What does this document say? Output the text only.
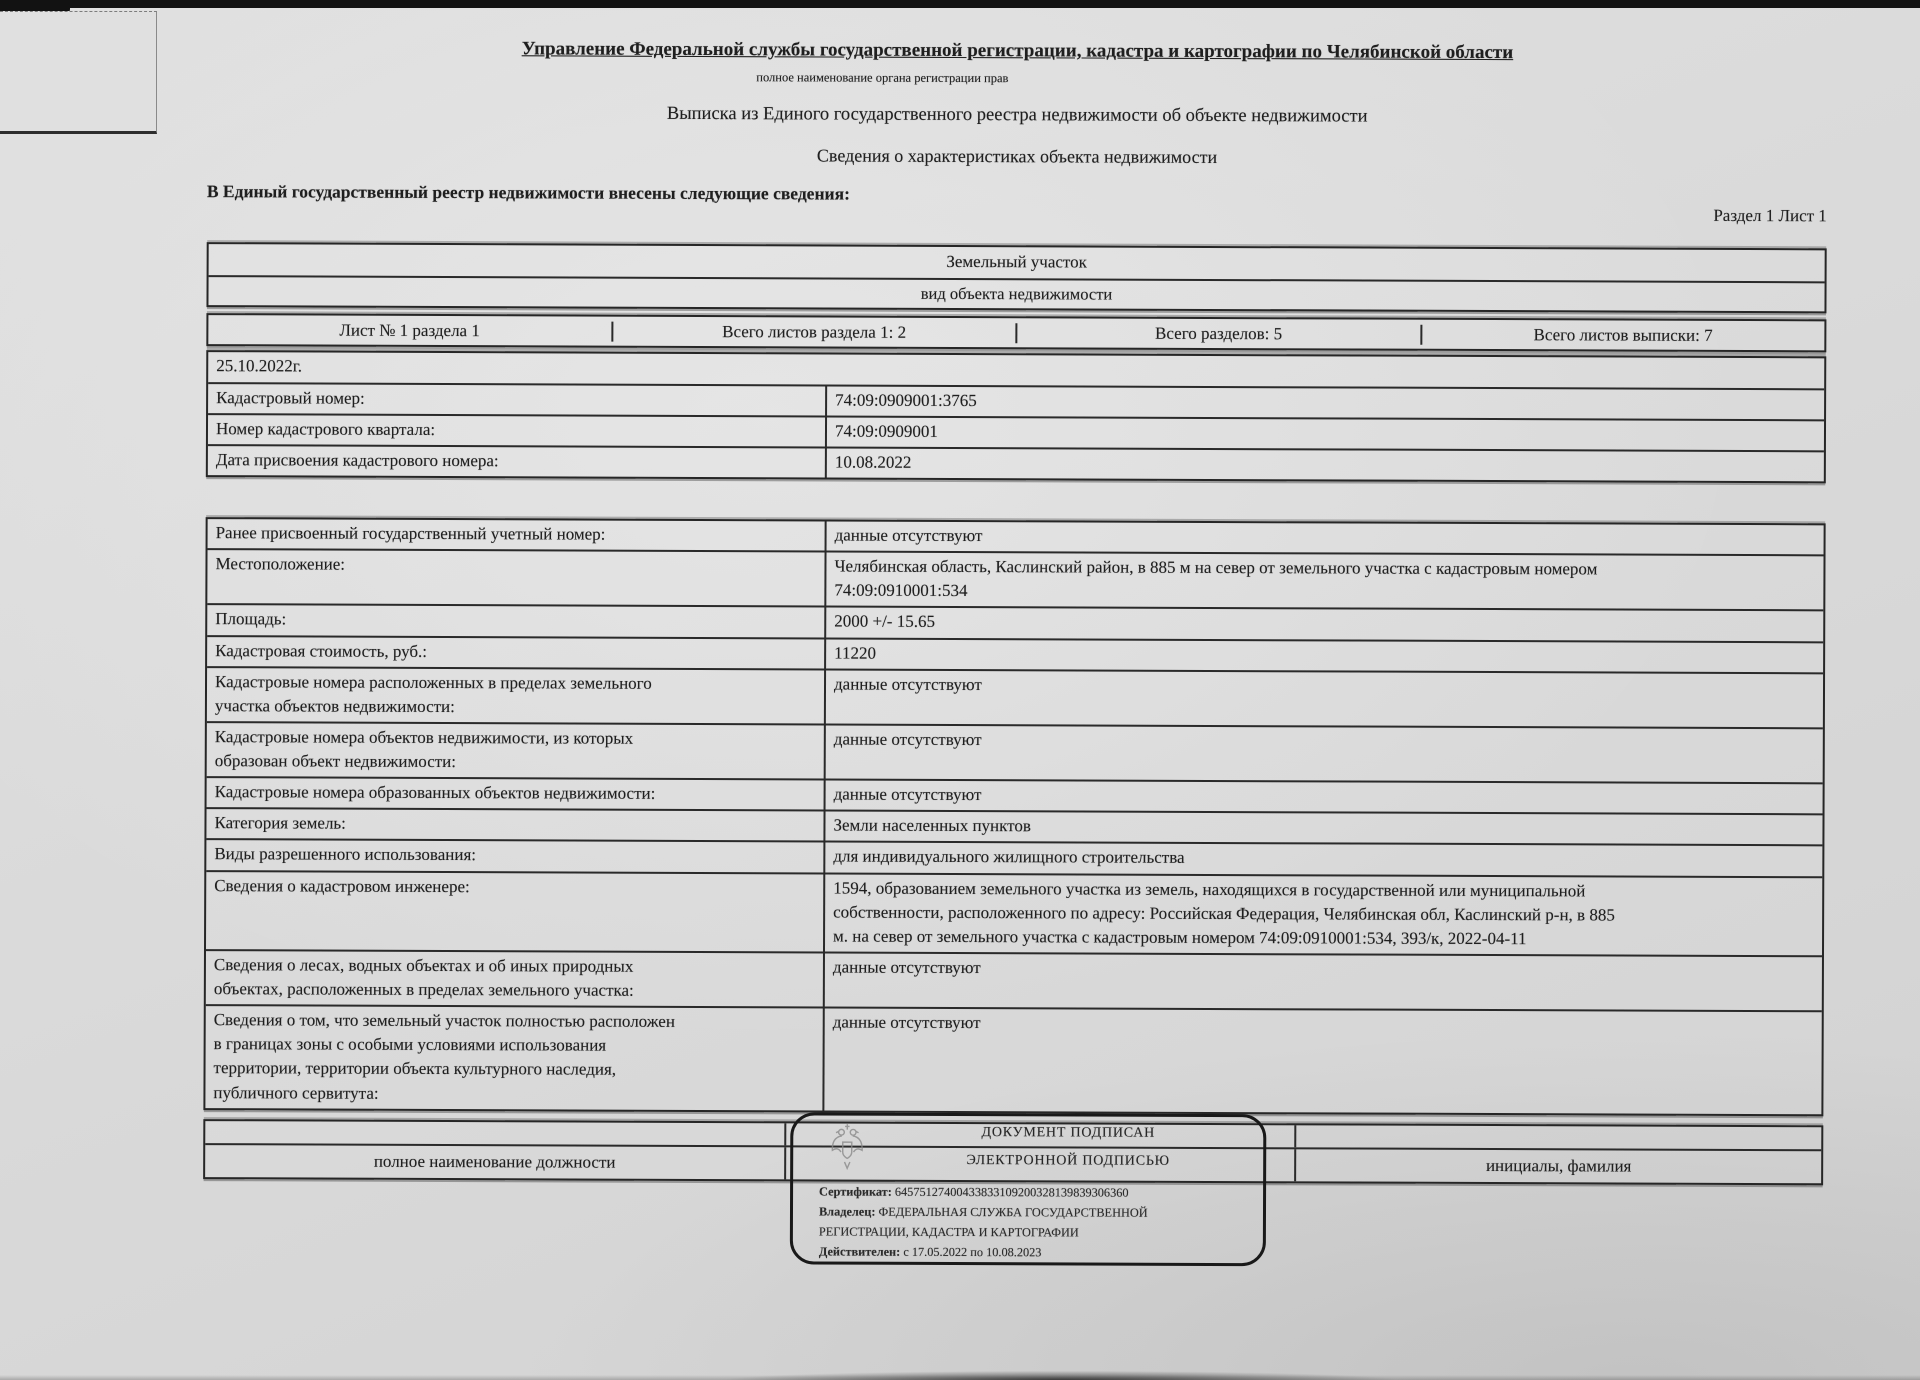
Управление Федеральной службы государственной регистрации, кадастра и картографии по Челябинской области
полное наименование органа регистрации прав
Выписка из Единого государственного реестра недвижимости об объекте недвижимости
Сведения о характеристиках объекта недвижимости
В Единый государственный реестр недвижимости внесены следующие сведения:
Раздел 1 Лист 1
Земельный участок
вид объекта недвижимости
Лист № 1 раздела 1	Всего листов раздела 1: 2	Всего разделов: 5	Всего листов выписки: 7
25.10.2022г.
Кадастровый номер:	74:09:0909001:3765
Номер кадастрового квартала:	74:09:0909001
Дата присвоения кадастрового номера:	10.08.2022
Ранее присвоенный государственный учетный номер:	данные отсутствуют
Местоположение:	Челябинская область, Каслинский район, в 885 м на север от земельного участка с кадастровым номером
74:09:0910001:534
Площадь:	2000 +/- 15.65
Кадастровая стоимость, руб.:	11220
Кадастровые номера расположенных в пределах земельного
участка объектов недвижимости:
данные отсутствуют
Кадастровые номера объектов недвижимости, из которых
образован объект недвижимости:
данные отсутствуют
Кадастровые номера образованных объектов недвижимости:	данные отсутствуют
Категория земель:	Земли населенных пунктов
Виды разрешенного использования:	для индивидуального жилищного строительства
Сведения о кадастровом инженере:	1594, образованием земельного участка из земель, находящихся в государственной или муниципальной
собственности, расположенного по адресу: Российская Федерация, Челябинская обл, Каслинский р-н, в 885
м. на север от земельного участка с кадастровым номером 74:09:0910001:534, 393/к, 2022-04-11
Сведения о лесах, водных объектах и об иных природных
объектах, расположенных в пределах земельного участка:
данные отсутствуют
Сведения о том, что земельный участок полностью расположен
в границах зоны с особыми условиями использования
территории, территории объекта культурного наследия,
публичного сервитута:
данные отсутствуют
полное наименование должности	инициалы, фамилия
ДОКУМЕНТ ПОДПИСАН
ЭЛЕКТРОННОЙ ПОДПИСЬЮ
Сертификат: 64575127400433833109200328139839306360
Владелец: ФЕДЕРАЛЬНАЯ СЛУЖБА ГОСУДАРСТВЕННОЙ
РЕГИСТРАЦИИ, КАДАСТРА И КАРТОГРАФИИ
Действителен: с 17.05.2022 по 10.08.2023
